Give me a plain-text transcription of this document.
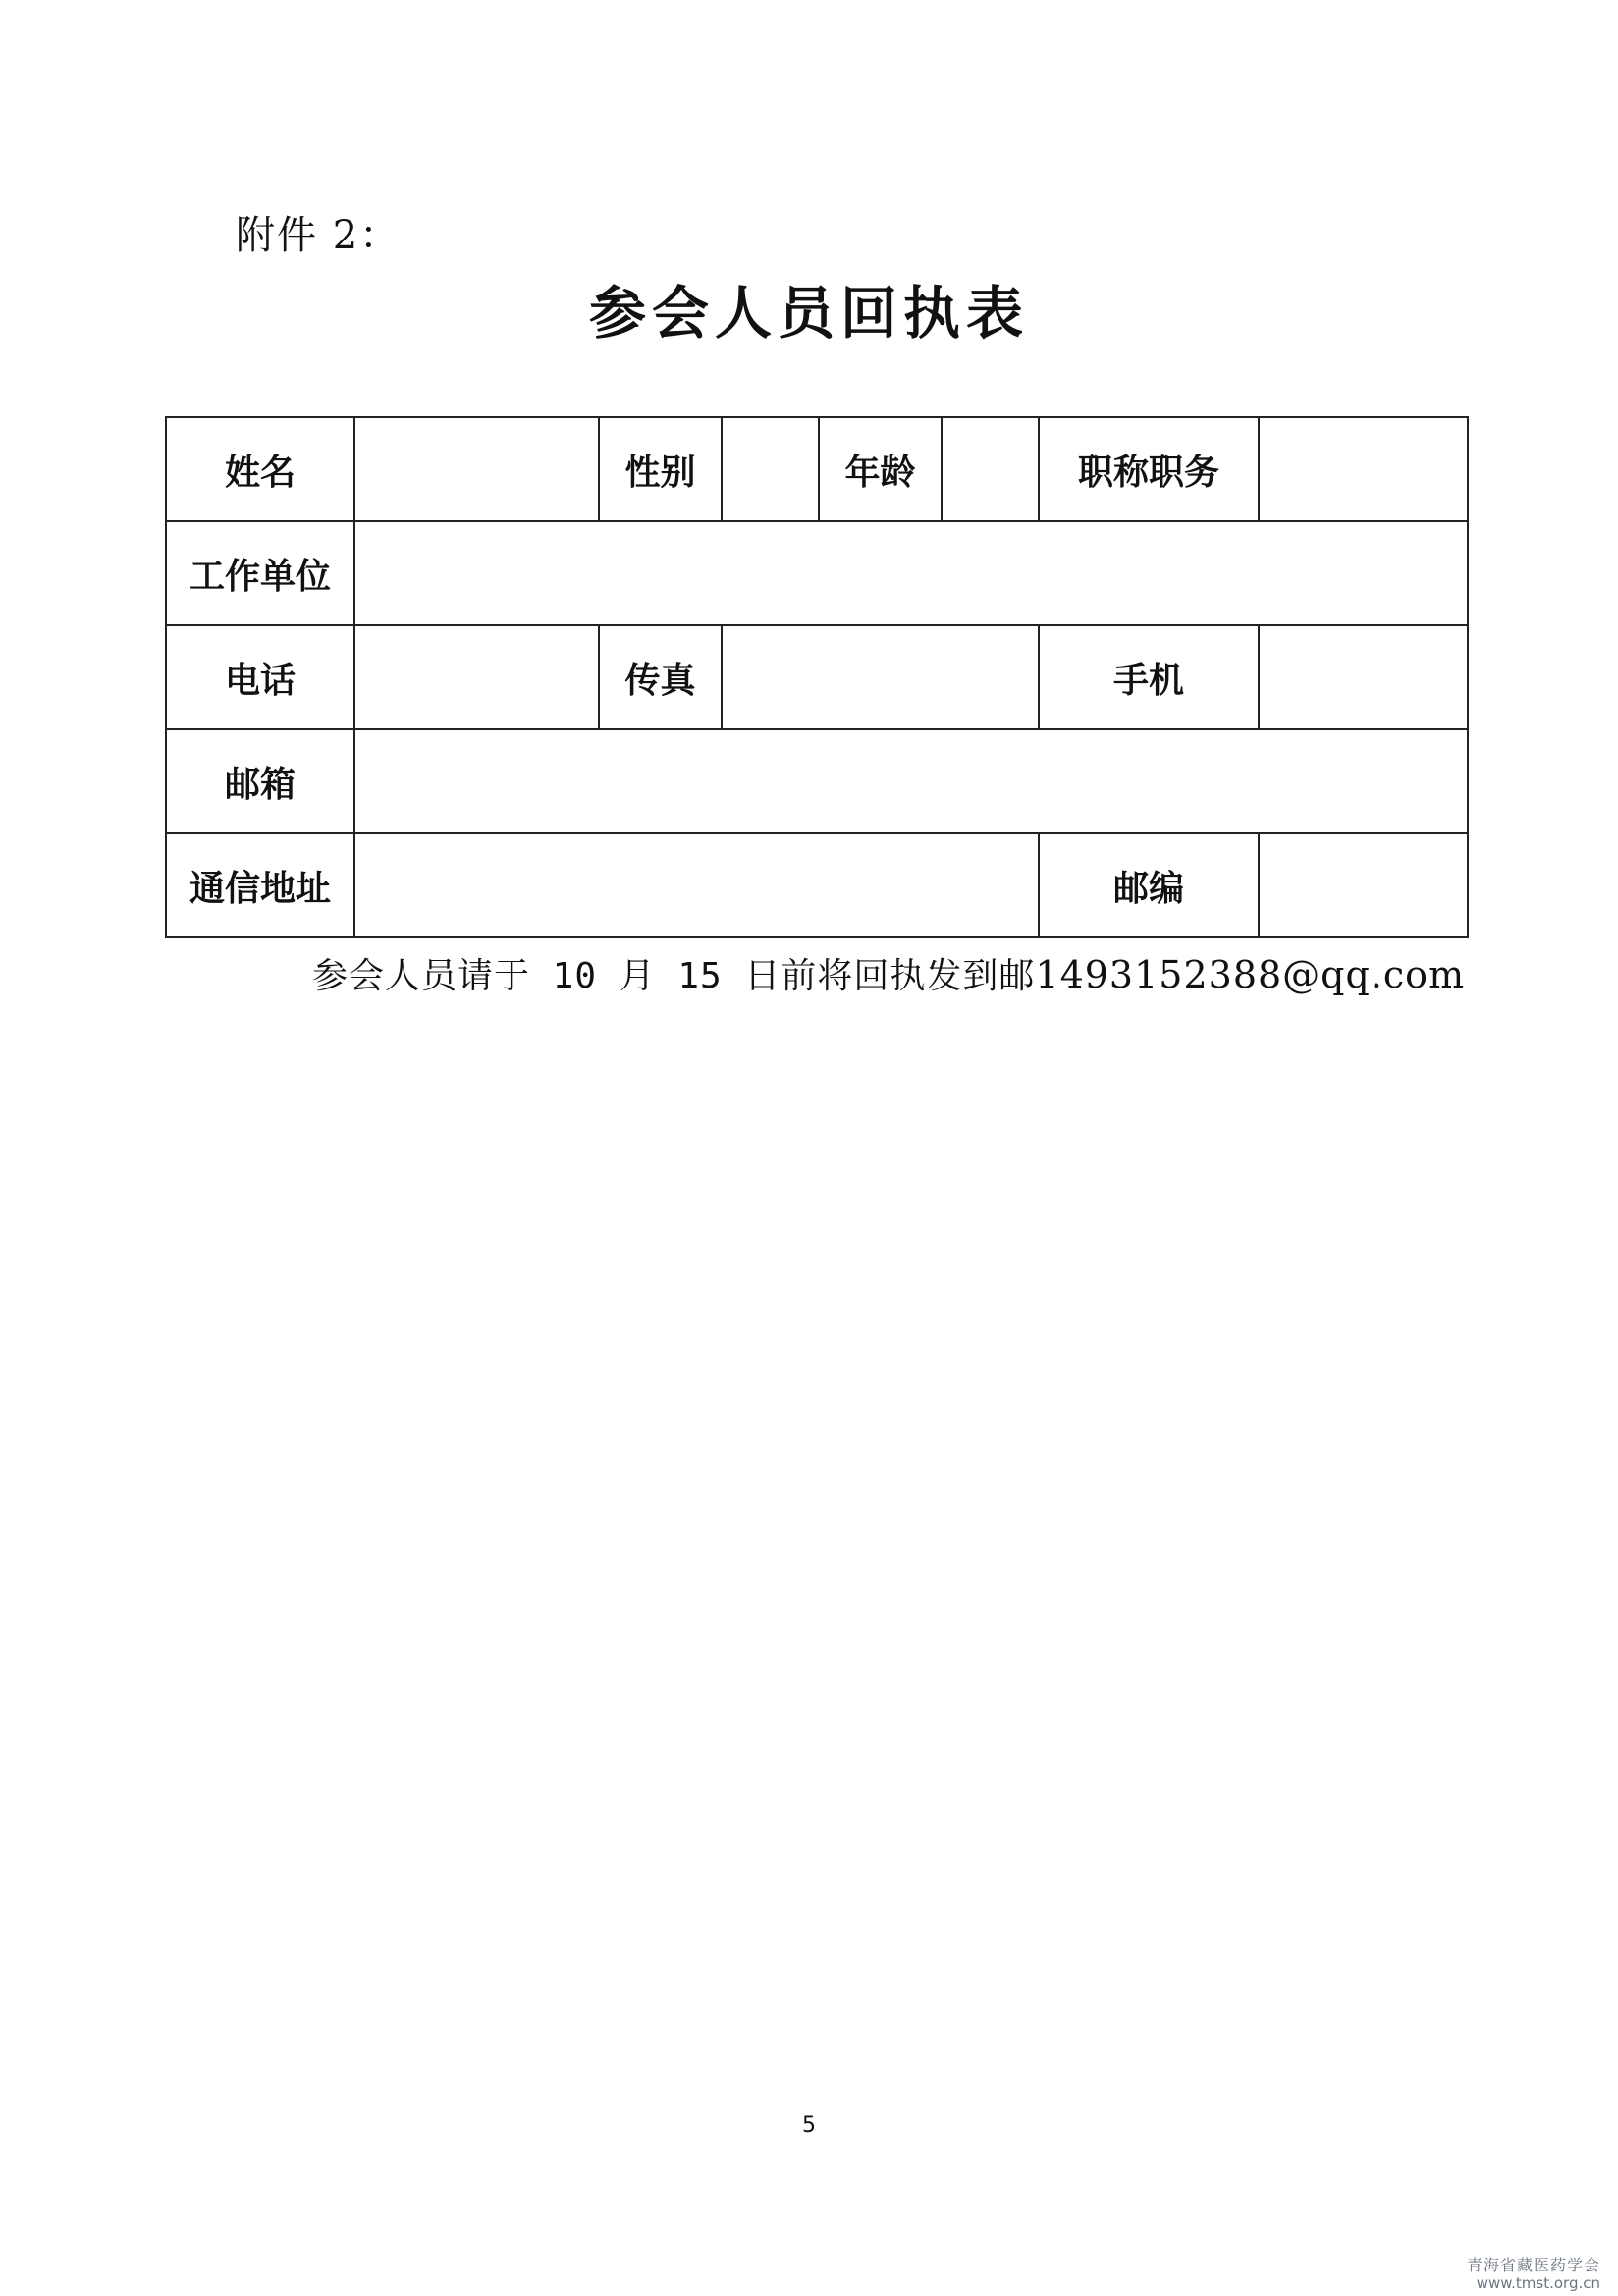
附件 2：
参会人员回执表
姓名		性别		年龄		职称职务	
工作单位							
电话		传真				手机	
邮箱							
通信地址						邮编	
参会人员请于 10 月 15 日前将回执发到邮1493152388@qq.com
5
青海省藏医药学会
www.tmst.org.cn
